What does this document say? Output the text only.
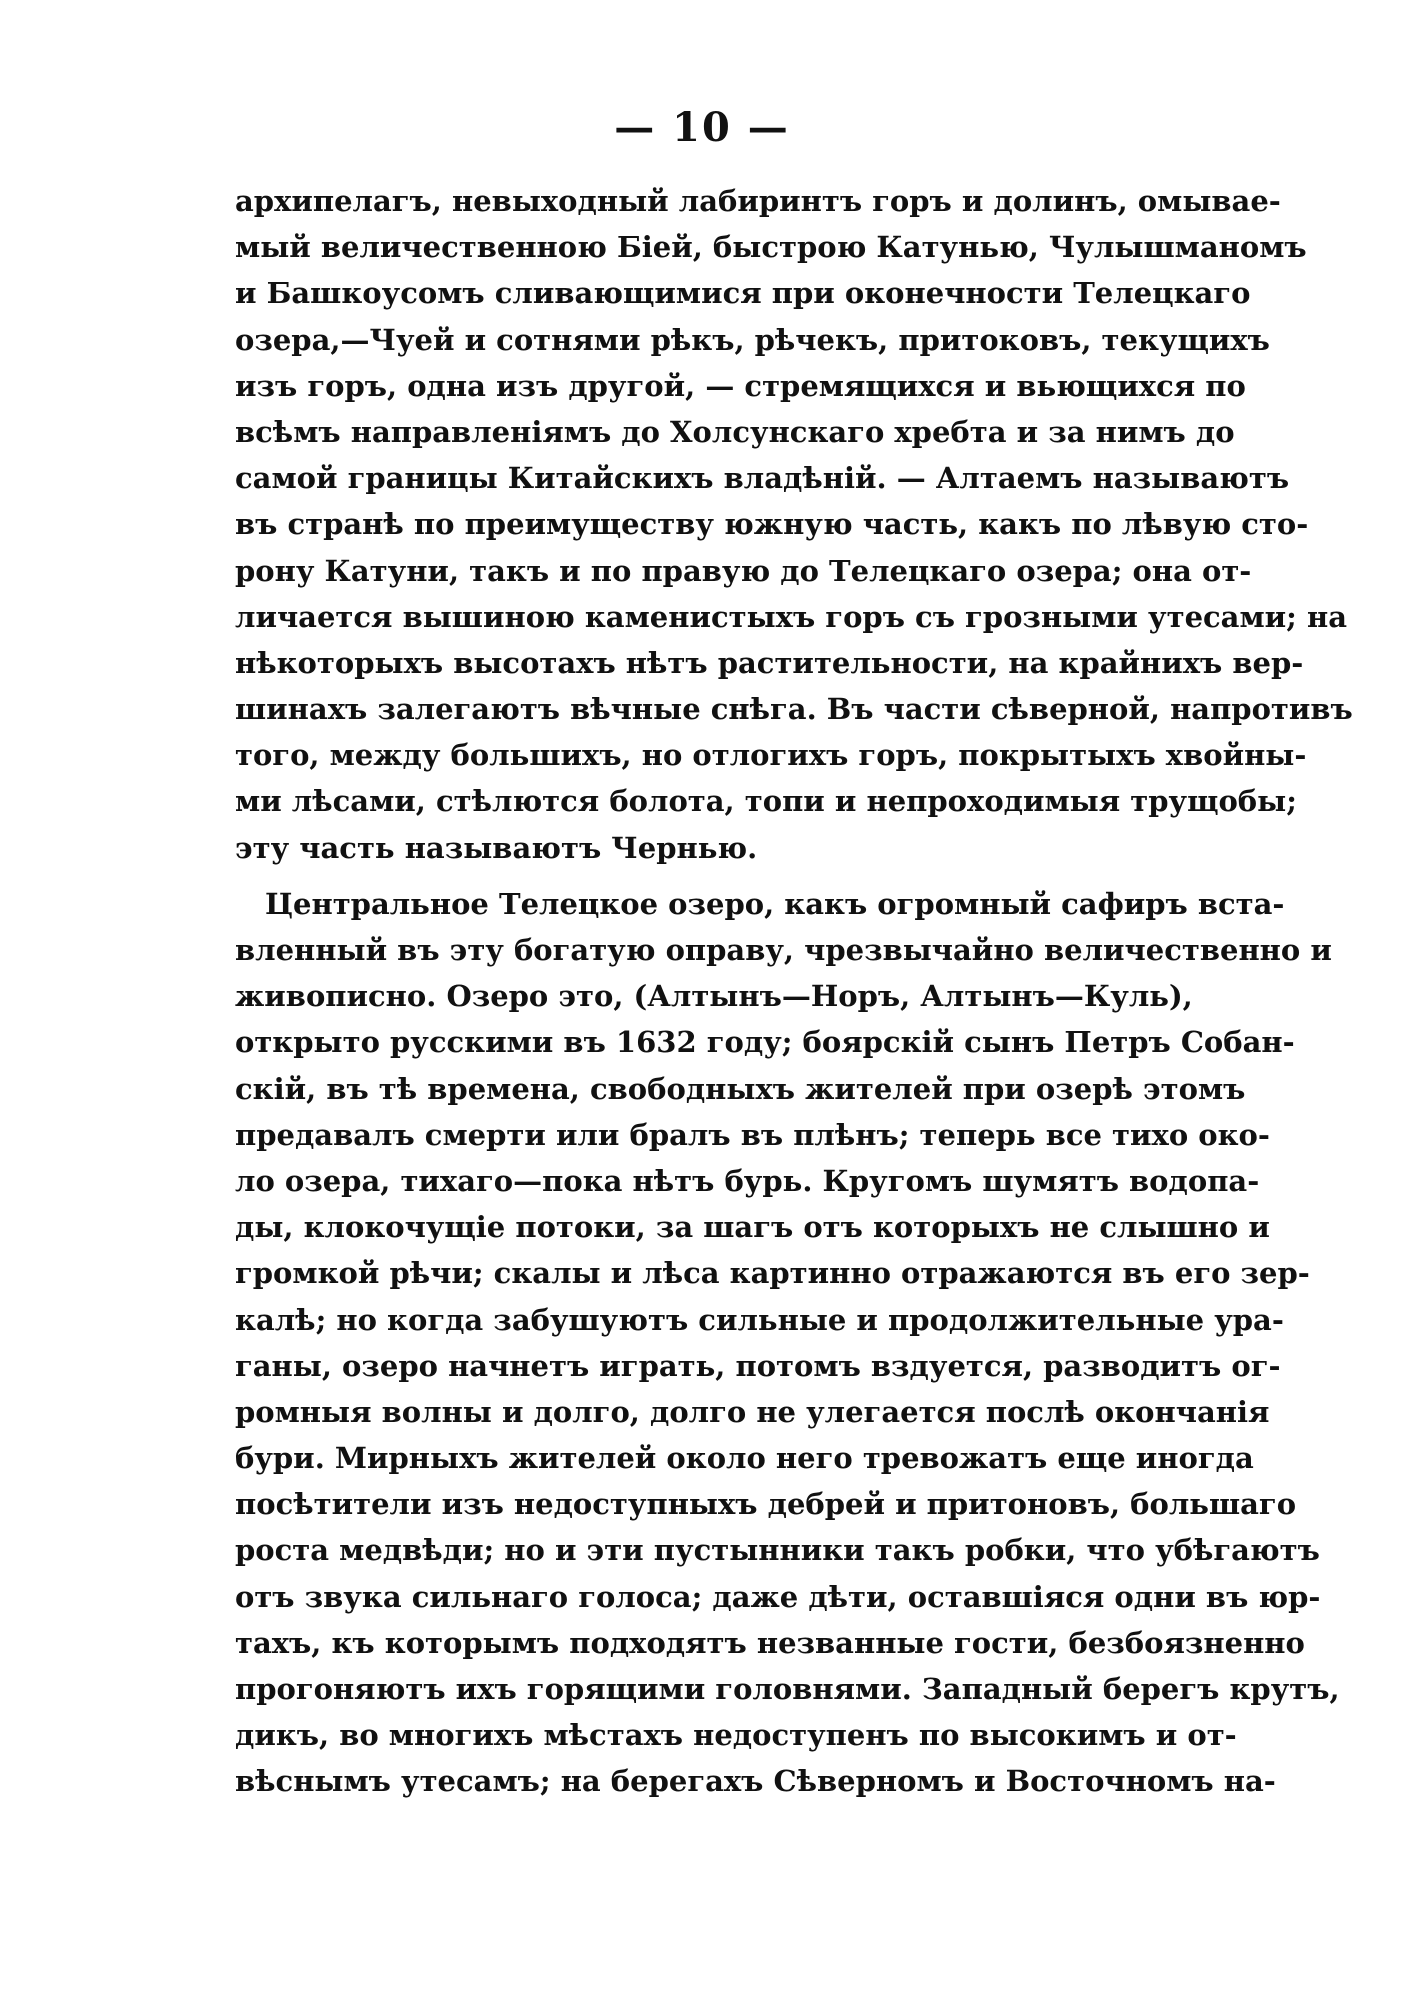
— 10 —
архипелагъ, невыходный лабиринтъ горъ и долинъ, омывае-
мый величественною Біей, быстрою Катунью, Чулышманомъ
и Башкоусомъ сливающимися при оконечности Телецкаго
озера,—Чуей и сотнями рѣкъ, рѣчекъ, притоковъ, текущихъ
изъ горъ, одна изъ другой, — стремящихся и вьющихся по
всѣмъ направленіямъ до Холсунскаго хребта и за нимъ до
самой границы Китайскихъ владѣній. — Алтаемъ называютъ
въ странѣ по преимуществу южную часть, какъ по лѣвую сто-
рону Катуни, такъ и по правую до Телецкаго озера; она от-
личается вышиною каменистыхъ горъ съ грозными утесами; на
нѣкоторыхъ высотахъ нѣтъ растительности, на крайнихъ вер-
шинахъ залегаютъ вѣчные снѣга. Въ части сѣверной, напротивъ
того, между большихъ, но отлогихъ горъ, покрытыхъ хвойны-
ми лѣсами, стѣлются болота, топи и непроходимыя трущобы;
эту часть называютъ Чернью.
Центральное Телецкое озеро, какъ огромный сафиръ вста-
вленный въ эту богатую оправу, чрезвычайно величественно и
живописно. Озеро это, (Алтынъ—Норъ, Алтынъ—Куль),
открыто русскими въ 1632 году; боярскій сынъ Петръ Собан-
скій, въ тѣ времена, свободныхъ жителей при озерѣ этомъ
предавалъ смерти или бралъ въ плѣнъ; теперь все тихо око-
ло озера, тихаго—пока нѣтъ бурь. Кругомъ шумятъ водопа-
ды, клокочущіе потоки, за шагъ отъ которыхъ не слышно и
громкой рѣчи; скалы и лѣса картинно отражаются въ его зер-
калѣ; но когда забушуютъ сильные и продолжительные ура-
ганы, озеро начнетъ играть, потомъ вздуется, разводитъ ог-
ромныя волны и долго, долго не улегается послѣ окончанія
бури. Мирныхъ жителей около него тревожатъ еще иногда
посѣтители изъ недоступныхъ дебрей и притоновъ, большаго
роста медвѣди; но и эти пустынники такъ робки, что убѣгаютъ
отъ звука сильнаго голоса; даже дѣти, оставшіяся одни въ юр-
тахъ, къ которымъ подходятъ незванные гости, безбоязненно
прогоняютъ ихъ горящими головнями. Западный берегъ крутъ,
дикъ, во многихъ мѣстахъ недоступенъ по высокимъ и от-
вѣснымъ утесамъ; на берегахъ Сѣверномъ и Восточномъ на-
